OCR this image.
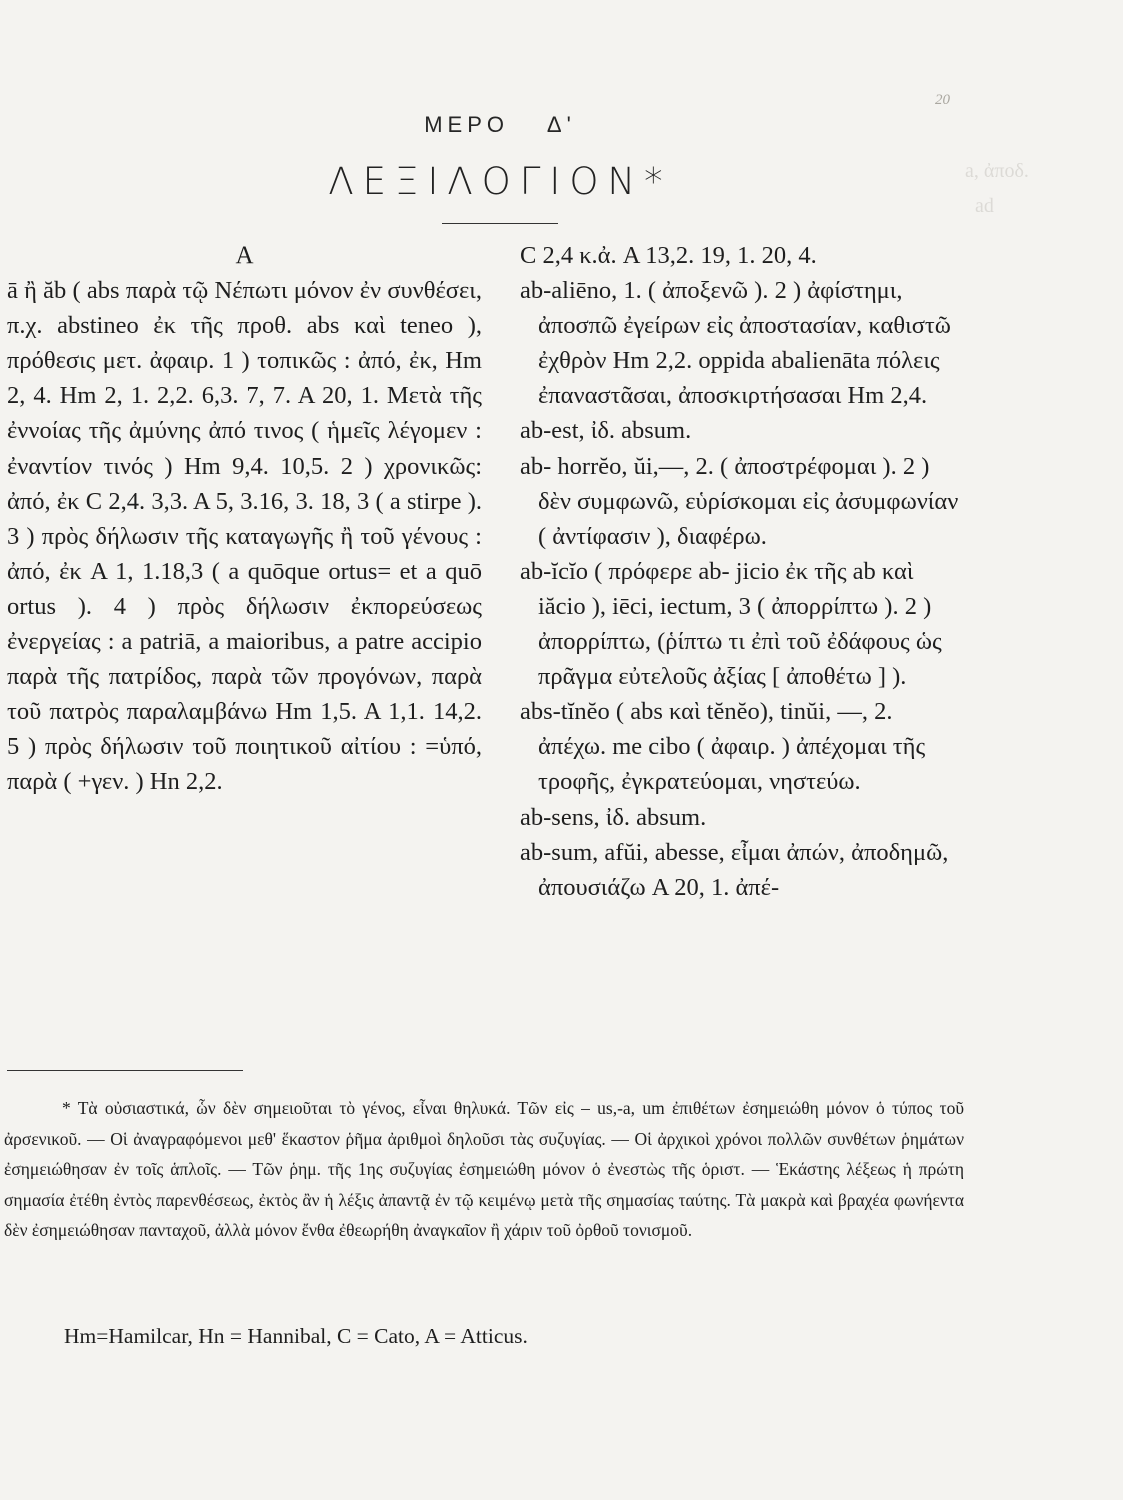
a, ἀποδ.
ad
20
ΜΕΡΟ Δ'
ΛΕΞΙΛΟΓΙΟΝ*
Α

ā ἢ ăb ( abs παρὰ τῷ Νέπωτι μόνον ἐν συνθέσει, π.χ. abstineo ἐκ τῆς προθ. abs καὶ teneo ), πρόθεσις μετ. ἀφαιρ. 1 ) τοπικῶς : ἀπό, ἐκ, Hm 2, 4. Hm 2, 1. 2,2. 6,3. 7, 7. A 20, 1. Μετὰ τῆς ἐννοίας τῆς ἀμύνης ἀπό τινος ( ἡμεῖς λέγομεν : ἐναντίον τινός ) Hm 9,4. 10,5. 2 ) χρονικῶς: ἀπό, ἐκ C 2,4. 3,3. A 5, 3.16, 3. 18, 3 ( a stirpe ). 3 ) πρὸς δήλωσιν τῆς καταγωγῆς ἢ τοῦ γένους : ἀπό, ἐκ A 1, 1.18,3 ( a quōque ortus= et a quō ortus ). 4 ) πρὸς δήλωσιν ἐκπορεύσεως ἐνεργείας : a patriā, a maioribus, a patre accipio παρὰ τῆς πατρίδος, παρὰ τῶν προγόνων, παρὰ τοῦ πατρὸς παραλαμβάνω Hm 1,5. A 1,1. 14,2. 5 ) πρὸς δήλωσιν τοῦ ποιητικοῦ αἰτίου : =ὑπό, παρὰ ( +γεν. ) Hn 2,2.

C 2,4 κ.ἀ. A 13,2. 19, 1. 20, 4.

ab-aliēno, 1. ( ἀποξενῶ ). 2 ) ἀφίστημι, ἀποσπῶ ἐγείρων εἰς ἀποστασίαν, καθιστῶ ἐχθρὸν Hm 2,2. oppida abalienāta πόλεις ἐπαναστᾶσαι, ἀποσκιρτήσασαι Hm 2,4.

ab-est, ἰδ. absum.

ab- horrĕo, ŭi,—, 2. ( ἀποστρέφομαι ). 2 ) δὲν συμφωνῶ, εὑρίσκομαι εἰς ἀσυμφωνίαν ( ἀντίφασιν ), διαφέρω.

ab-ĭcĭo ( πρόφερε ab- jicio ἐκ τῆς ab καὶ iăcio ), iēci, iectum, 3 ( ἀπορρίπτω ). 2 ) ἀπορρίπτω, (ῥίπτω τι ἐπὶ τοῦ ἐδάφους ὡς πρᾶγμα εὐτελοῦς ἀξίας [ ἀποθέτω ] ).

abs-tĭnĕo ( abs καὶ tĕnĕo), tinŭi, —, 2. ἀπέχω. me cibo ( ἀφαιρ. ) ἀπέχομαι τῆς τροφῆς, ἐγκρατεύομαι, νηστεύω.

ab-sens, ἰδ. absum.

ab-sum, afŭi, abesse, εἶμαι ἀπών, ἀποδημῶ, ἀπουσιάζω A 20, 1. ἀπέ-

* Τὰ οὐσιαστικά, ὧν δὲν σημειοῦται τὸ γένος, εἶναι θηλυκά. Τῶν εἰς – us,-a, um ἐπιθέτων ἐσημειώθη μόνον ὁ τύπος τοῦ ἀρσενικοῦ. — Οἱ ἀναγραφόμενοι μεθ' ἕκαστον ῥῆμα ἀριθμοὶ δηλοῦσι τὰς συζυγίας. — Οἱ ἀρχικοὶ χρόνοι πολλῶν συνθέτων ῥημάτων ἐσημειώθησαν ἐν τοῖς ἁπλοῖς. — Τῶν ῥημ. τῆς 1ης συζυγίας ἐσημειώθη μόνον ὁ ἐνεστὼς τῆς ὁριστ. — Ἑκάστης λέξεως ἡ πρώτη σημασία ἐτέθη ἐντὸς παρενθέσεως, ἐκτὸς ἂν ἡ λέξις ἀπαντᾷ ἐν τῷ κειμένῳ μετὰ τῆς σημασίας ταύτης. Τὰ μακρὰ καὶ βραχέα φωνήεντα δὲν ἐσημειώθησαν πανταχοῦ, ἀλλὰ μόνον ἔνθα ἐθεωρήθη ἀναγκαῖον ἢ χάριν τοῦ ὀρθοῦ τονισμοῦ.
Hm=Hamilcar, Hn = Hannibal, C = Cato, A = Atticus.
